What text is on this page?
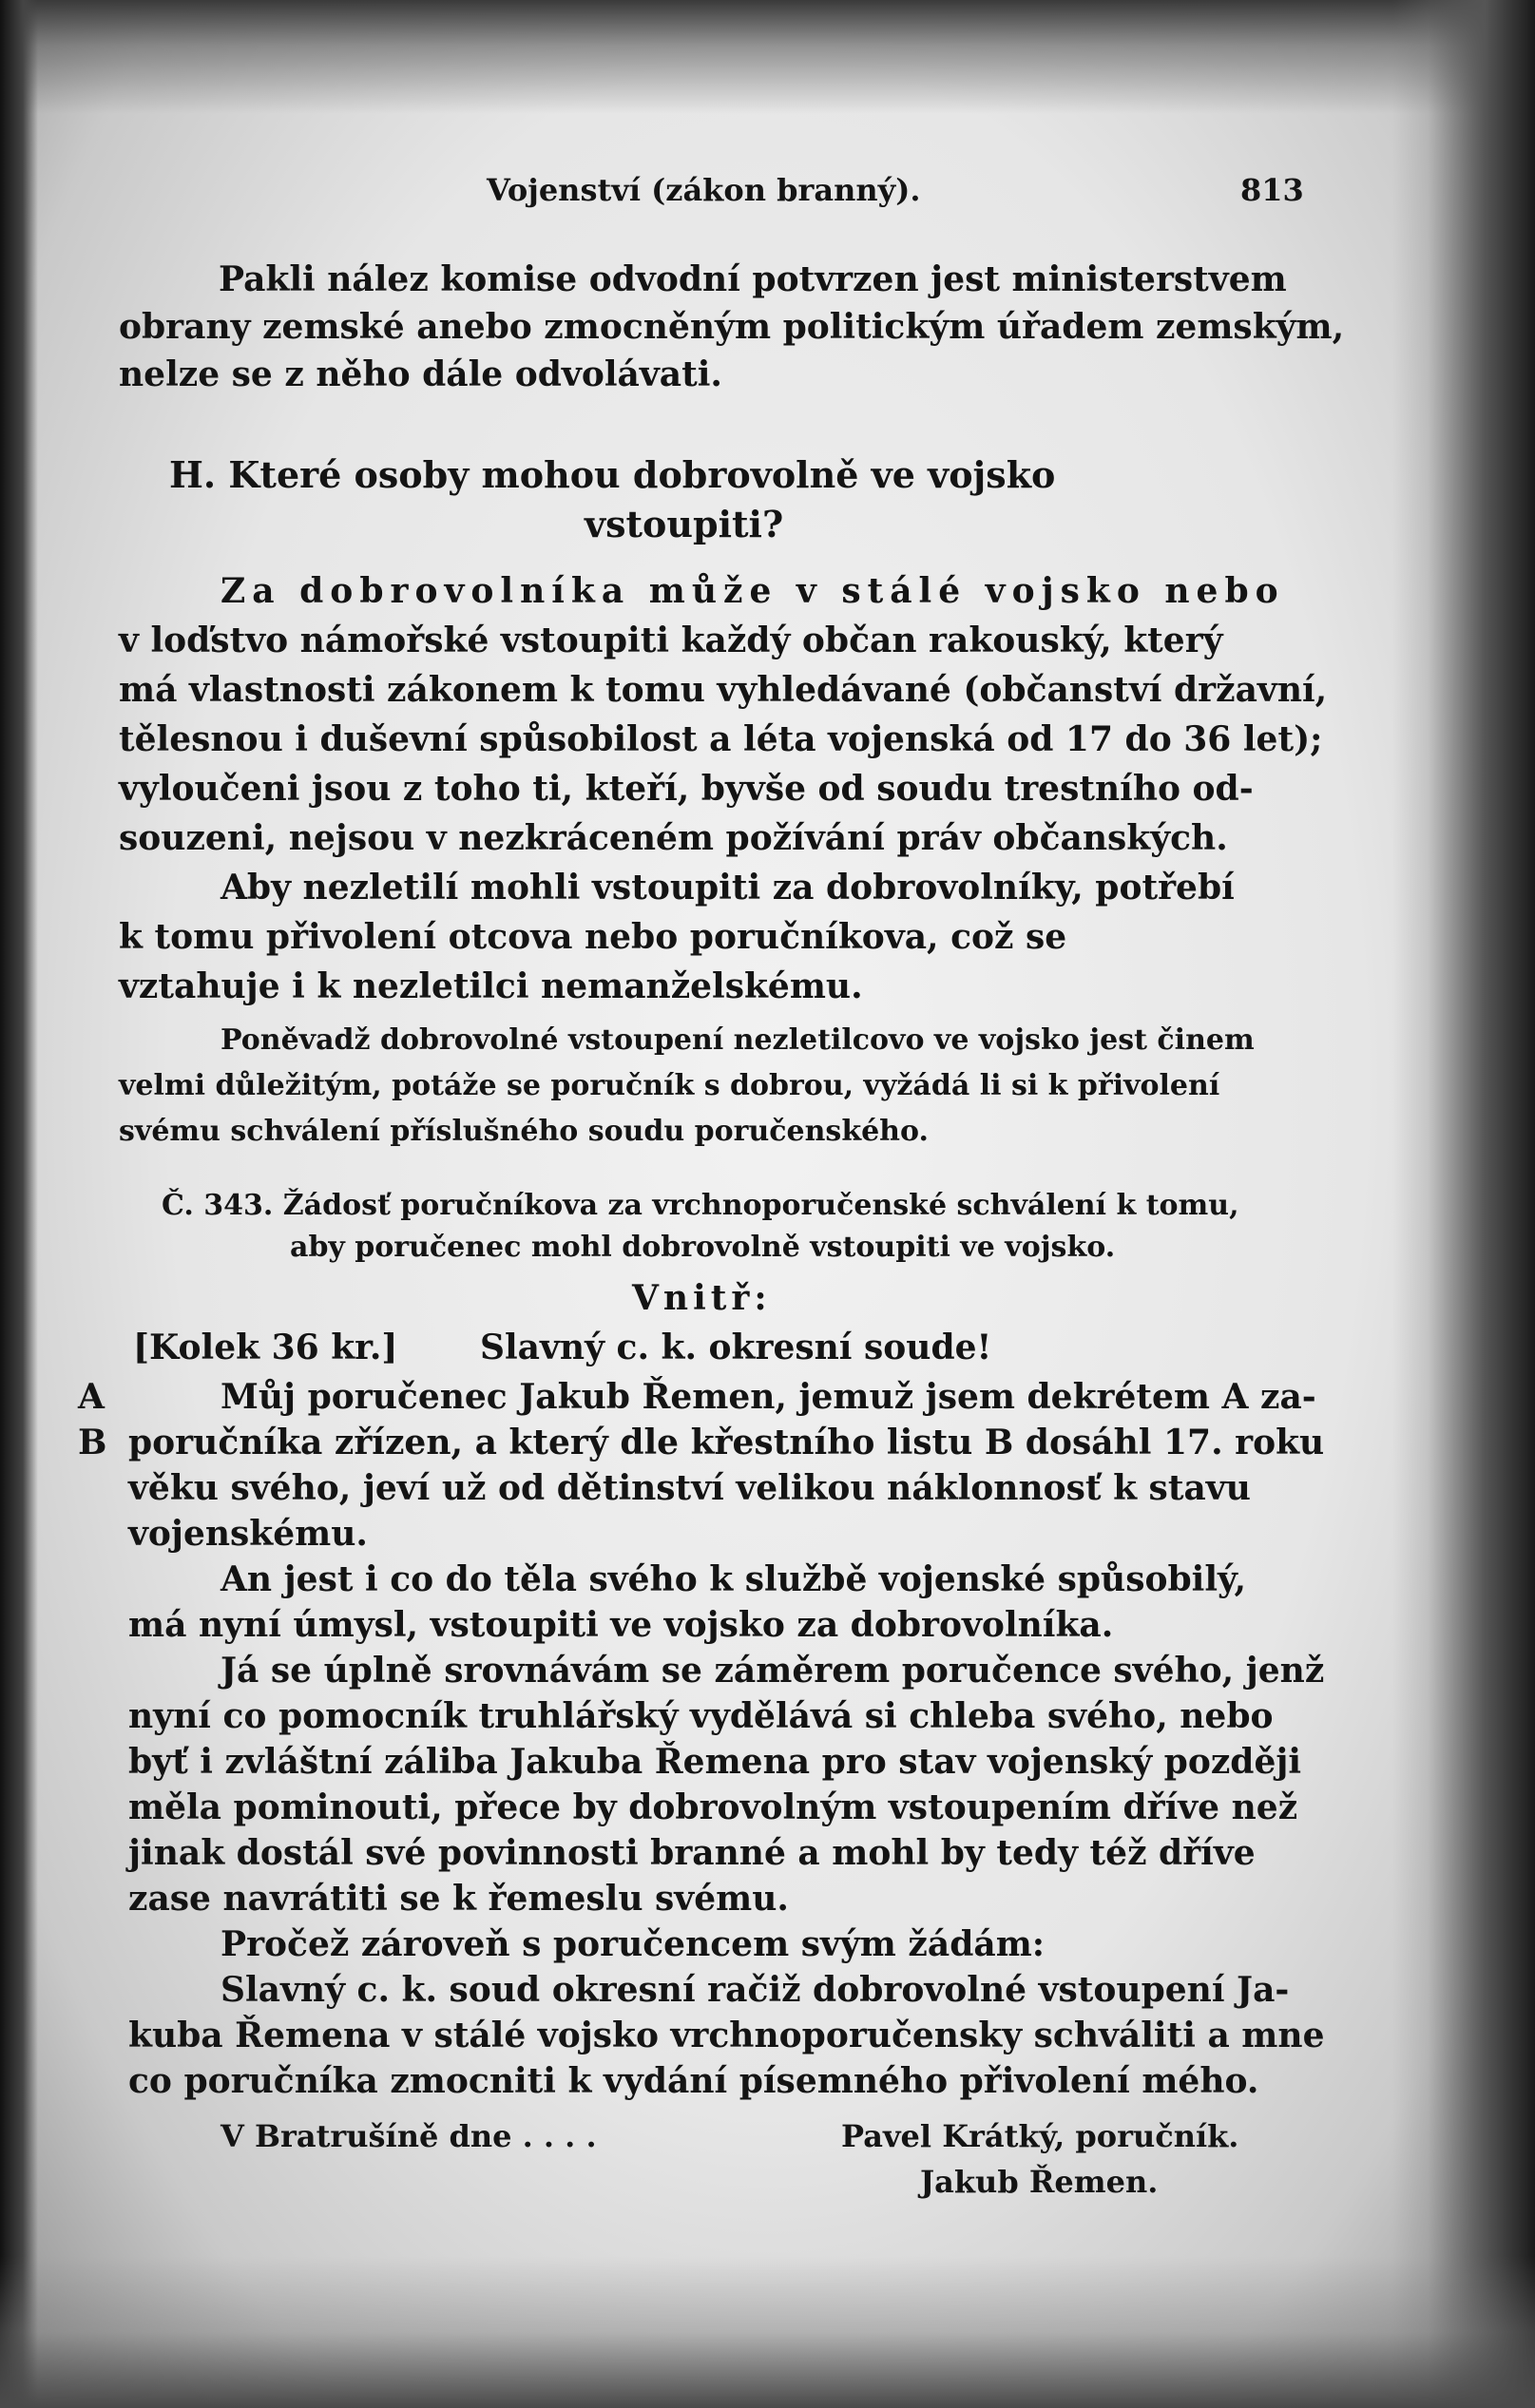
Vojenství (zákon branný).	813
Pakli nález komise odvodní potvrzen jest ministerstvem
obrany zemské anebo zmocněným politickým úřadem zemským,
nelze se z něho dále odvolávati.
H. Které osoby mohou dobrovolně ve vojsko
vstoupiti?
Za dobrovolníka může v stálé vojsko nebo
v loďstvo námořské vstoupiti každý občan rakouský, který
má vlastnosti zákonem k tomu vyhledávané (občanství državní,
tělesnou i duševní spůsobilost a léta vojenská od 17 do 36 let);
vyloučeni jsou z toho ti, kteří, byvše od soudu trestního od-
souzeni, nejsou v nezkráceném požívání práv občanských.
Aby nezletilí mohli vstoupiti za dobrovolníky, potřebí
k tomu přivolení otcova nebo poručníkova, což se
vztahuje i k nezletilci nemanželskému.
Poněvadž dobrovolné vstoupení nezletilcovo ve vojsko jest činem
velmi důležitým, potáže se poručník s dobrou, vyžádá li si k přivolení
svému schválení příslušného soudu poručenského.
Č. 343. Žádosť poručníkova za vrchnoporučenské schválení k tomu,
aby poručenec mohl dobrovolně vstoupiti ve vojsko.
Vnitř:
[Kolek 36 kr.] Slavný c. k. okresní soude!
A
B
Můj poručenec Jakub Řemen, jemuž jsem dekrétem A za-
poručníka zřízen, a který dle křestního listu B dosáhl 17. roku
věku svého, jeví už od dětinství velikou náklonnosť k stavu
vojenskému.
An jest i co do těla svého k službě vojenské spůsobilý,
má nyní úmysl, vstoupiti ve vojsko za dobrovolníka.
Já se úplně srovnávám se záměrem poručence svého, jenž
nyní co pomocník truhlářský vydělává si chleba svého, nebo
byť i zvláštní záliba Jakuba Řemena pro stav vojenský později
měla pominouti, přece by dobrovolným vstoupením dříve než
jinak dostál své povinnosti branné a mohl by tedy též dříve
zase navrátiti se k řemeslu svému.
Pročež zároveň s poručencem svým žádám:
Slavný c. k. soud okresní račiž dobrovolné vstoupení Ja-
kuba Řemena v stálé vojsko vrchnoporučensky schváliti a mne
co poručníka zmocniti k vydání písemného přivolení mého.
V Bratrušíně dne . . . .	Pavel Krátký, poručník.
Jakub Řemen.
